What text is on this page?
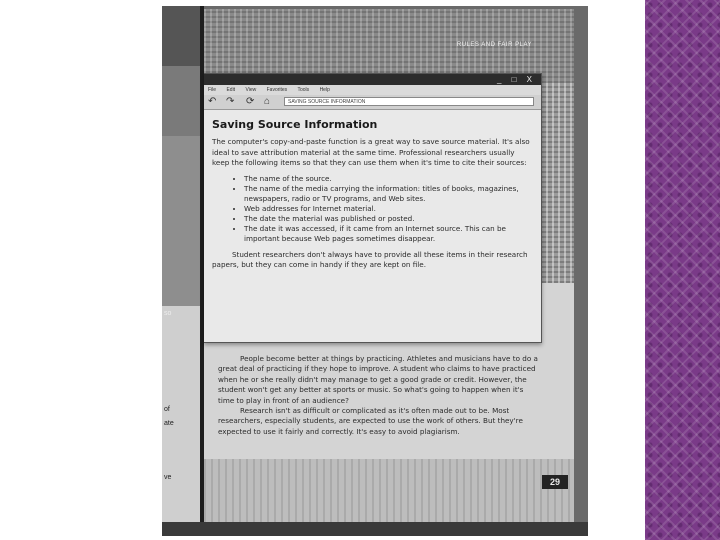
so
of
ate
ve
RULES AND FAIR PLAY
_ □ X
File Edit View Favorites Tools Help
↶ ↷ ⟳ ⌂	SAVING SOURCE INFORMATION
Saving Source Information

The computer's copy-and-paste function is a great way to save source material. It's also ideal to save attribution material at the same time. Professional researchers usually keep the following items so that they can use them when it's time to cite their sources:

• The name of the source.
• The name of the media carrying the information: titles of books, magazines, newspapers, radio or TV programs, and Web sites.
• Web addresses for Internet material.
• The date the material was published or posted.
• The date it was accessed, if it came from an Internet source. This can be important because Web pages sometimes disappear.

Student researchers don't always have to provide all these items in their research papers, but they can come in handy if they are kept on file.

People become better at things by practicing. Athletes and musicians have to do a great deal of practicing if they hope to improve. A student who claims to have practiced when he or she really didn't may manage to get a good grade or credit. However, the student won't get any better at sports or music. So what's going to happen when it's time to play in front of an audience?

Research isn't as difficult or complicated as it's often made out to be. Most researchers, especially students, are expected to use the work of others. But they're expected to use it fairly and correctly. It's easy to avoid plagiarism.

29
